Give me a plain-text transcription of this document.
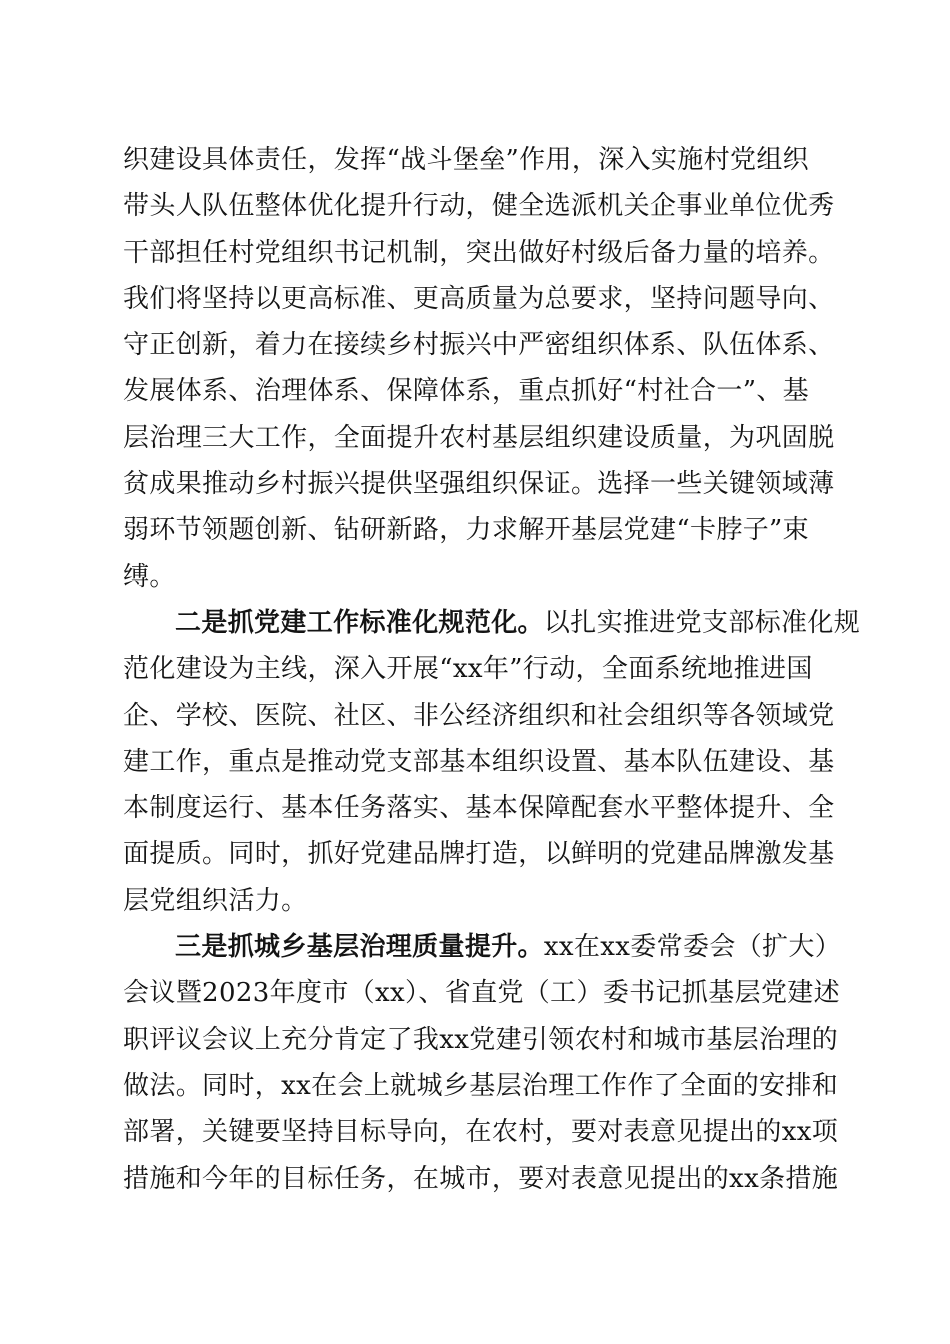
织建设具体责任，发挥“战斗堡垒”作用，深入实施村党组织
带头人队伍整体优化提升行动，健全选派机关企事业单位优秀
干部担任村党组织书记机制，突出做好村级后备力量的培养。
我们将坚持以更高标准、更高质量为总要求，坚持问题导向、
守正创新，着力在接续乡村振兴中严密组织体系、队伍体系、
发展体系、治理体系、保障体系，重点抓好“村社合一”、基
层治理三大工作，全面提升农村基层组织建设质量，为巩固脱
贫成果推动乡村振兴提供坚强组织保证。选择一些关键领域薄
弱环节领题创新、钻研新路，力求解开基层党建“卡脖子”束
缚。
二是抓党建工作标准化规范化。以扎实推进党支部标准化规
范化建设为主线，深入开展“xx年”行动，全面系统地推进国
企、学校、医院、社区、非公经济组织和社会组织等各领域党
建工作，重点是推动党支部基本组织设置、基本队伍建设、基
本制度运行、基本任务落实、基本保障配套水平整体提升、全
面提质。同时，抓好党建品牌打造，以鲜明的党建品牌激发基
层党组织活力。
三是抓城乡基层治理质量提升。xx在xx委常委会（扩大）
会议暨2023年度市（xx）、省直党（工）委书记抓基层党建述
职评议会议上充分肯定了我xx党建引领农村和城市基层治理的
做法。同时，xx在会上就城乡基层治理工作作了全面的安排和
部署，关键要坚持目标导向，在农村，要对表意见提出的xx项
措施和今年的目标任务，在城市，要对表意见提出的xx条措施
